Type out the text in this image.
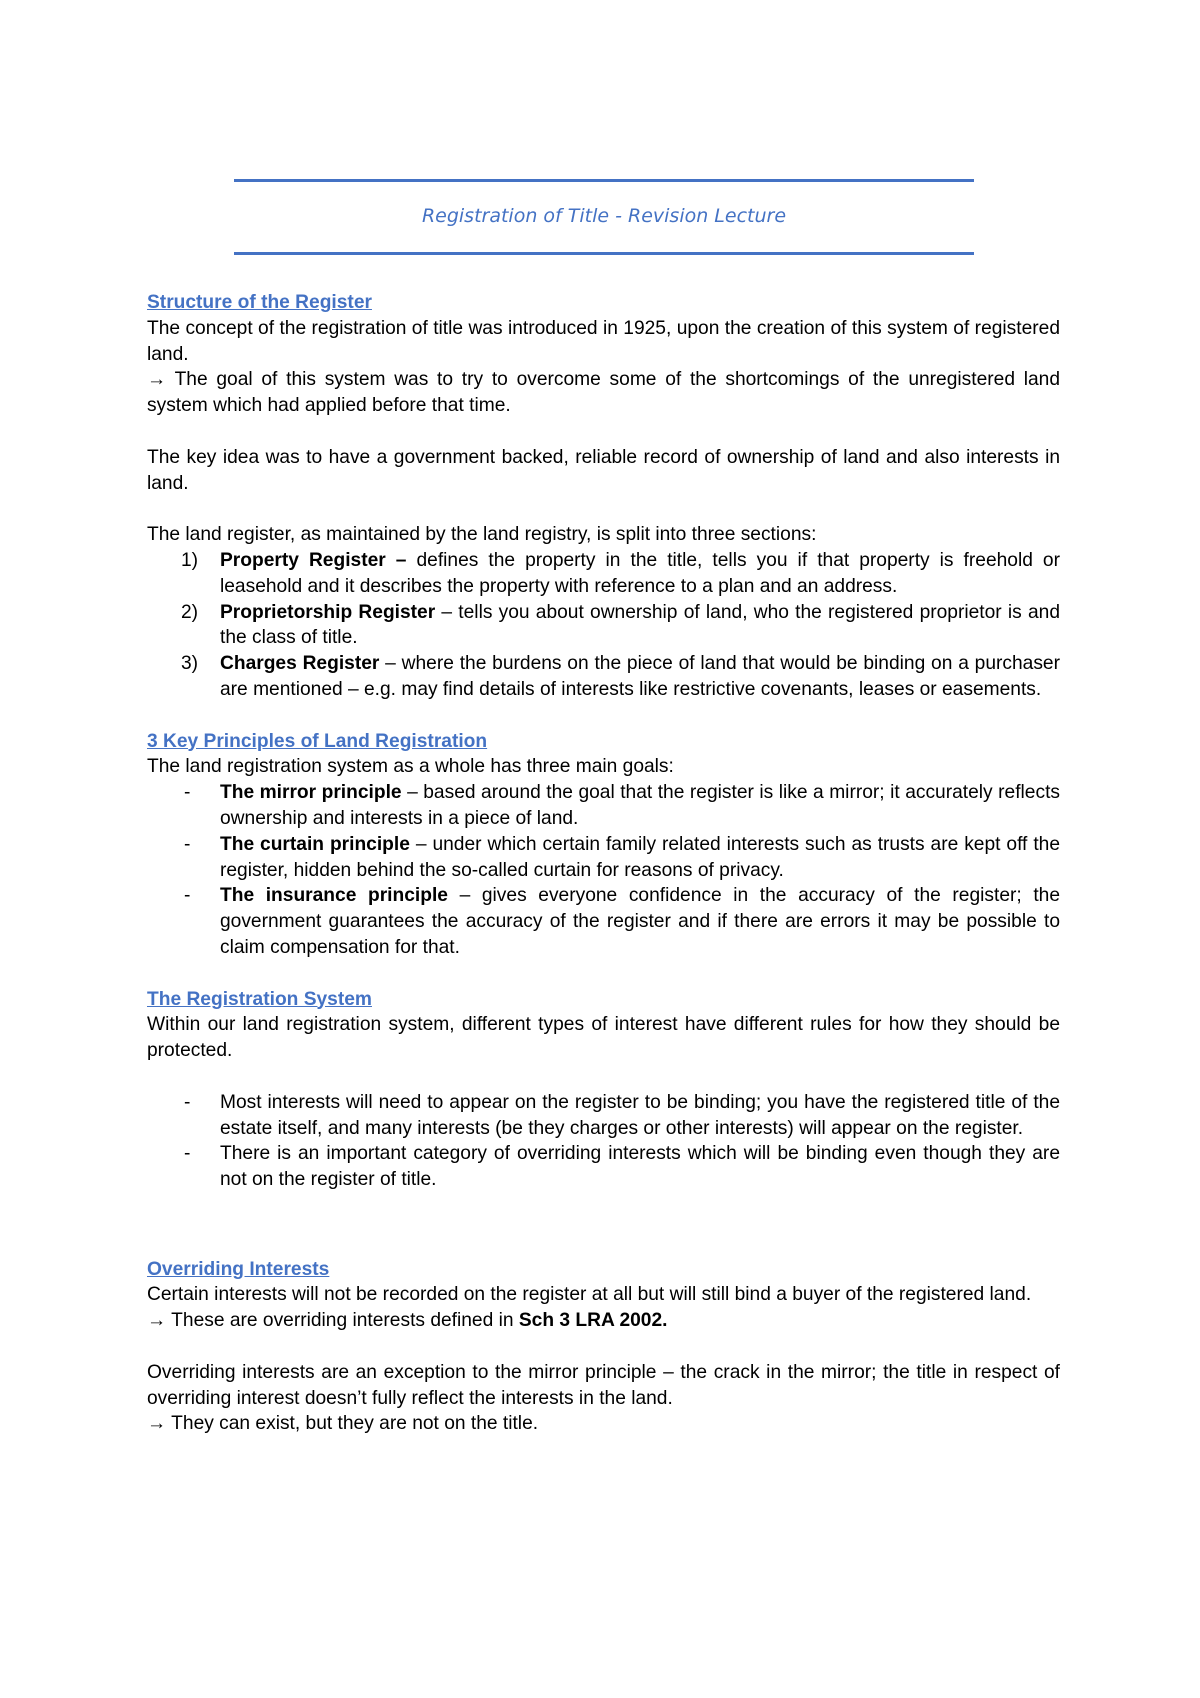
Registration of Title - Revision Lecture
Structure of the Register

The concept of the registration of title was introduced in 1925, upon the creation of this system of registered land.

→ The goal of this system was to try to overcome some of the shortcomings of the unregistered land system which had applied before that time.

The key idea was to have a government backed, reliable record of ownership of land and also interests in land.

The land register, as maintained by the land registry, is split into three sections:

1) Property Register – defines the property in the title, tells you if that property is freehold or leasehold and it describes the property with reference to a plan and an address.
2) Proprietorship Register – tells you about ownership of land, who the registered proprietor is and the class of title.
3) Charges Register – where the burdens on the piece of land that would be binding on a purchaser are mentioned – e.g. may find details of interests like restrictive covenants, leases or easements.
3 Key Principles of Land Registration

The land registration system as a whole has three main goals:

- The mirror principle – based around the goal that the register is like a mirror; it accurately reflects ownership and interests in a piece of land.
- The curtain principle – under which certain family related interests such as trusts are kept off the register, hidden behind the so-called curtain for reasons of privacy.
- The insurance principle – gives everyone confidence in the accuracy of the register; the government guarantees the accuracy of the register and if there are errors it may be possible to claim compensation for that.
The Registration System

Within our land registration system, different types of interest have different rules for how they should be protected.

- Most interests will need to appear on the register to be binding; you have the registered title of the estate itself, and many interests (be they charges or other interests) will appear on the register.
- There is an important category of overriding interests which will be binding even though they are not on the register of title.
Overriding Interests

Certain interests will not be recorded on the register at all but will still bind a buyer of the registered land.

→ These are overriding interests defined in Sch 3 LRA 2002.

Overriding interests are an exception to the mirror principle – the crack in the mirror; the title in respect of overriding interest doesn’t fully reflect the interests in the land.

→ They can exist, but they are not on the title.
